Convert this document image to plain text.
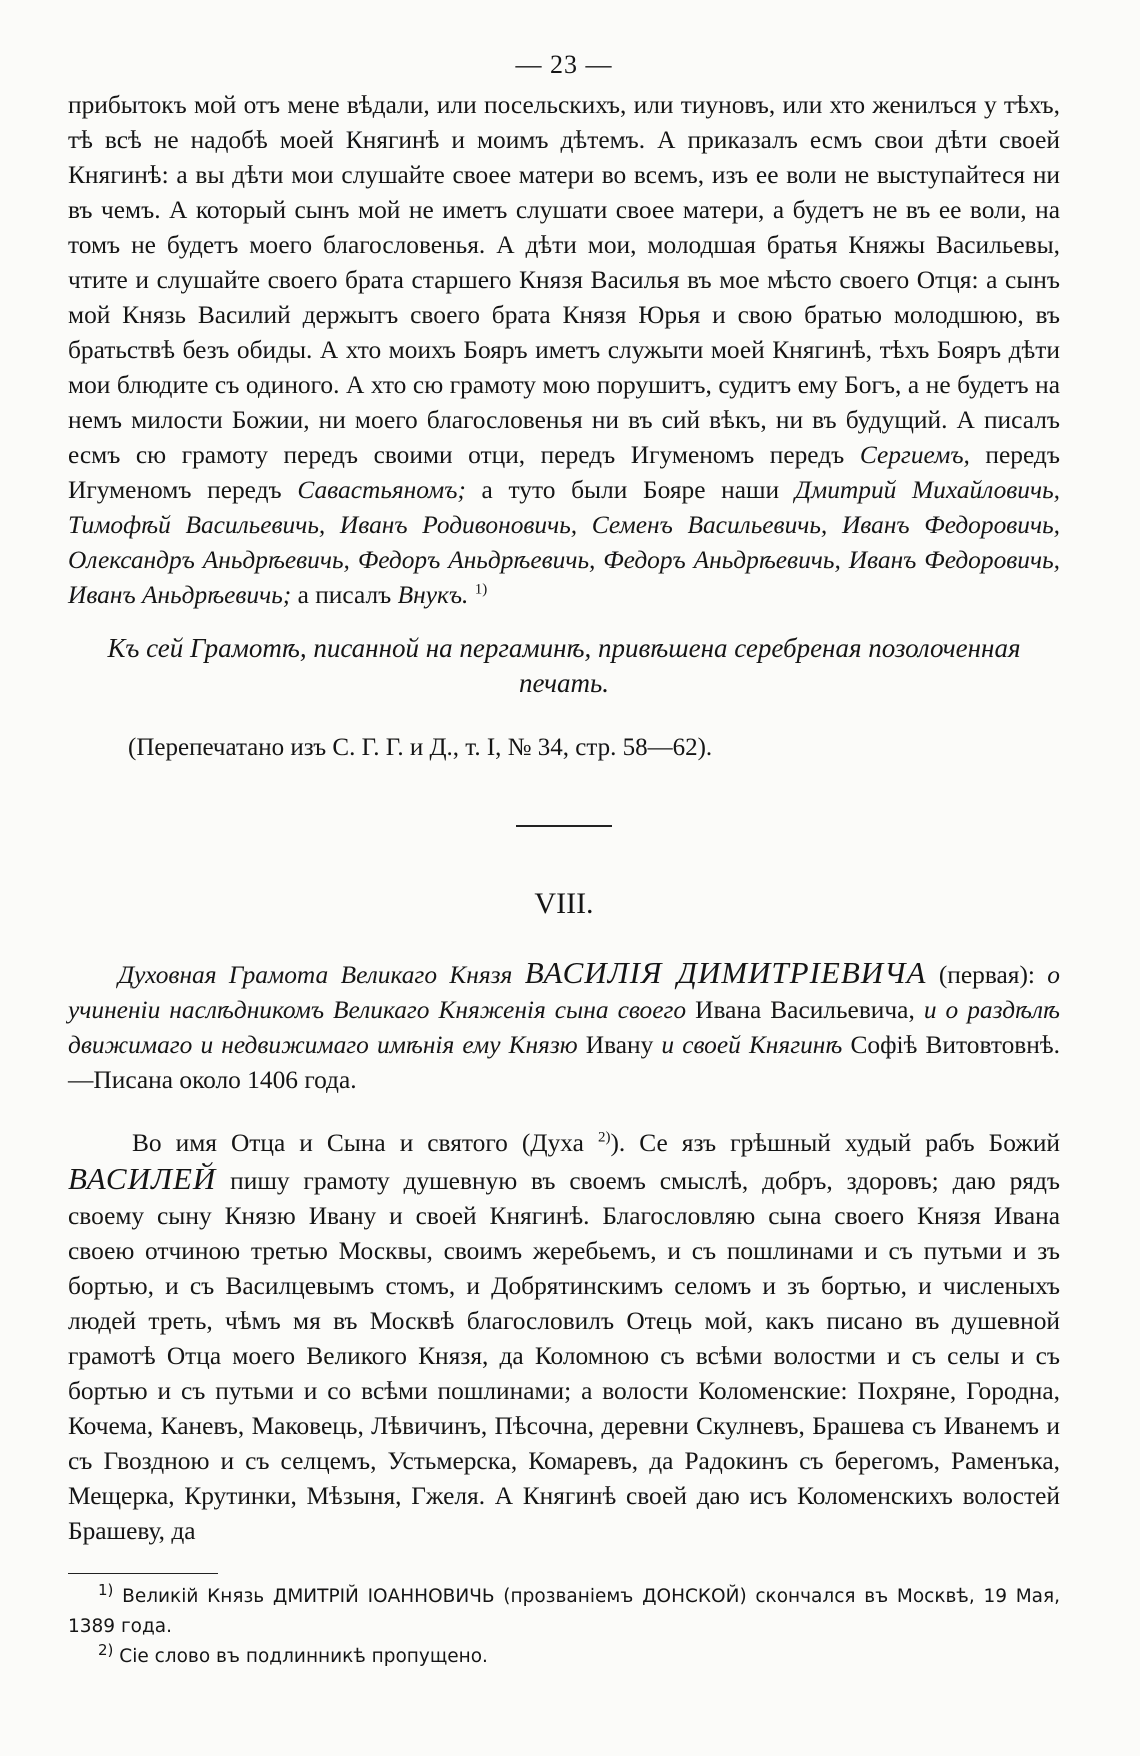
— 23 —

прибытокъ мой отъ мене вѣдали, или посельскихъ, или тиуновъ, или хто женилъся у тѣхъ, тѣ всѣ не надобѣ моей Княгинѣ и моимъ дѣтемъ. А приказалъ есмъ свои дѣти своей Княгинѣ: а вы дѣти мои слушайте своее матери во всемъ, изъ ее воли не выступайтеся ни въ чемъ. А который сынъ мой не иметъ слушати своее матери, а будетъ не въ ее воли, на томъ не будетъ моего благословенья. А дѣти мои, молодшая братья Княжы Васильевы, чтите и слушайте своего брата старшего Князя Василья въ мое мѣсто своего Отця: а сынъ мой Князь Василий держытъ своего брата Князя Юрья и свою братью молодшюю, въ братьствѣ безъ обиды. А хто моихъ Бояръ иметъ служыти моей Княгинѣ, тѣхъ Бояръ дѣти мои блюдите съ одиного. А хто сю грамоту мою порушитъ, судитъ ему Богъ, а не будетъ на немъ милости Божии, ни моего благословенья ни въ сий вѣкъ, ни въ будущий. А писалъ есмъ сю грамоту передъ своими отци, передъ Игуменомъ передъ Сергиемъ, передъ Игуменомъ передъ Савастьяномъ; а туто были Бояре наши Дмитрий Михайловичь, Тимофѣй Васильевичь, Иванъ Родивоновичь, Семенъ Васильевичь, Иванъ Федоровичь, Олександръ Аньдрѣевичь, Федоръ Аньдрѣевичь, Федоръ Аньдрѣевичь, Иванъ Федоровичь, Иванъ Аньдрѣевичь; а писалъ Внукъ. $^{1)}$

Къ сей Грамотѣ, писанной на пергаминѣ, привѣшена серебреная позолоченная печать.

(Перепечатано изъ С. Г. Г. и Д., т. I, № 34, стр. 58—62).

VIII.

Духовная Грамота Великаго Князя ВАСИЛІЯ ДИМИТРІЕВИЧА (первая): о учиненіи наслѣдникомъ Великаго Княженія сына своего Ивана Васильевича, и о раздѣлѣ движимаго и недвижимаго имѣнія ему Князю Ивану и своей Княгинѣ Софіѣ Витовтовнѣ.—Писана около 1406 года.

Во имя Отца и Сына и святого (Духа $^{2)}$). Се язъ грѣшный худый рабъ Божий ВАСИЛЕЙ пишу грамоту душевную въ своемъ смыслѣ, добръ, здоровъ; даю рядъ своему сыну Князю Ивану и своей Княгинѣ. Благословляю сына своего Князя Ивана своею отчиною третью Москвы, своимъ жеребьемъ, и съ пошлинами и съ путьми и зъ бортью, и съ Василцевымъ стомъ, и Добрятинскимъ селомъ и зъ бортью, и численыхъ людей треть, чѣмъ мя въ Москвѣ благословилъ Отець мой, какъ писано въ душевной грамотѣ Отца моего Великого Князя, да Коломною съ всѣми волостми и съ селы и съ бортью и съ путьми и со всѣми пошлинами; а волости Коломенские: Похряне, Городна, Кочема, Каневъ, Маковець, Лѣвичинъ, Пѣсочна, деревни Скулневъ, Брашева съ Иванемъ и съ Гвоздною и съ селцемъ, Устьмерска, Комаревъ, да Радокинъ съ берегомъ, Раменъка, Мещерка, Крутинки, Мѣзыня, Гжеля. А Княгинѣ своей даю исъ Коломенскихъ волостей Брашеву, да

$^{1)}$ Великій Князь ДМИТРІЙ ІОАННОВИЧЬ (прозваніемъ ДОНСКОЙ) скончался въ Москвѣ, 19 Мая, 1389 года.

$^{2)}$ Сіе слово въ подлинникѣ пропущено.
